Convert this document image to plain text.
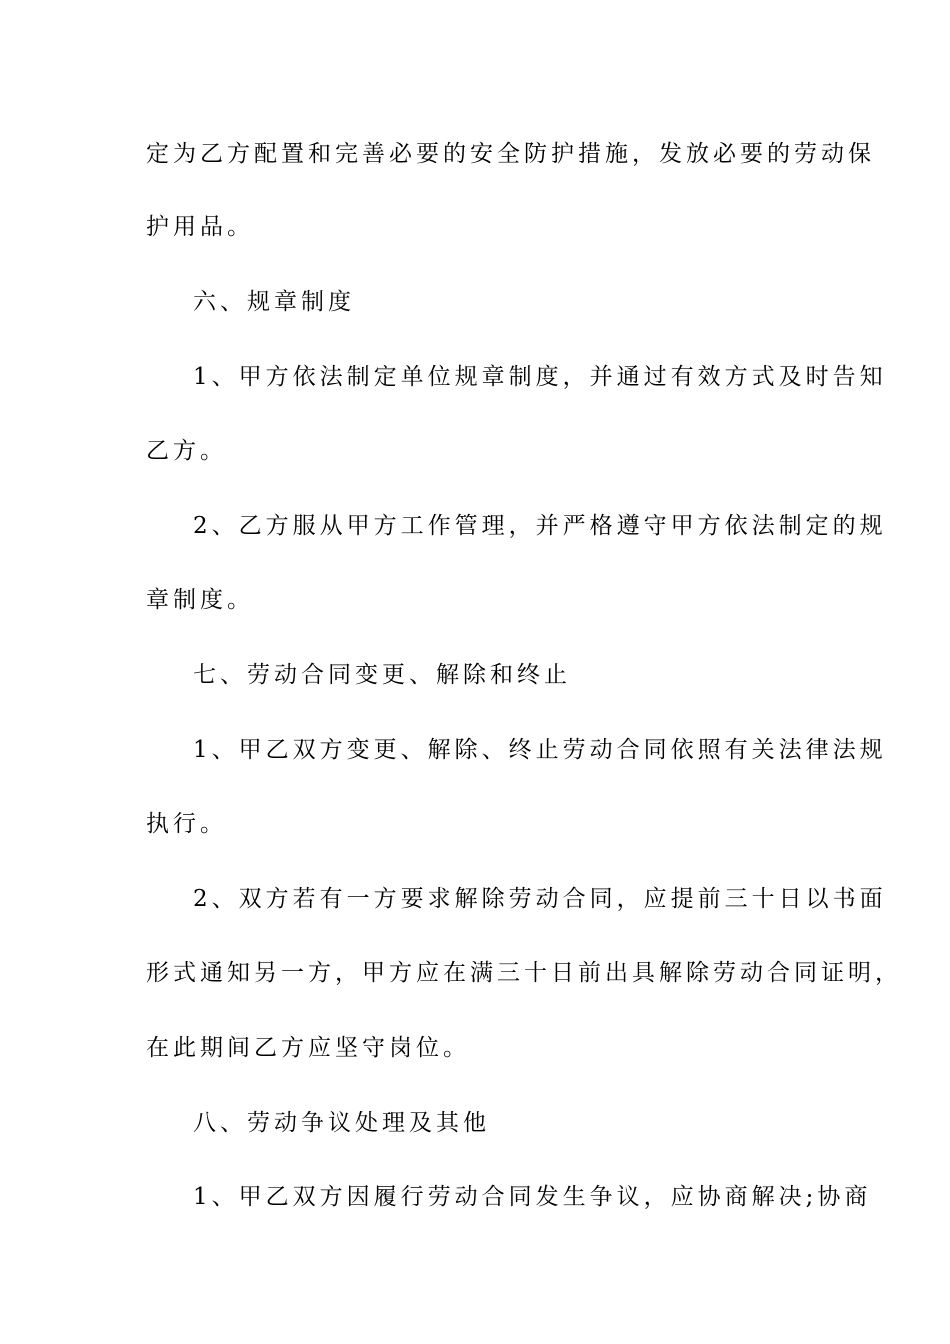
定为乙方配置和完善必要的安全防护措施，发放必要的劳动保
护用品。
六、规章制度
1、甲方依法制定单位规章制度，并通过有效方式及时告知
乙方。
2、乙方服从甲方工作管理，并严格遵守甲方依法制定的规
章制度。
七、劳动合同变更、解除和终止
1、甲乙双方变更、解除、终止劳动合同依照有关法律法规
执行。
2、双方若有一方要求解除劳动合同，应提前三十日以书面
形式通知另一方，甲方应在满三十日前出具解除劳动合同证明，
在此期间乙方应坚守岗位。
八、劳动争议处理及其他
1、甲乙双方因履行劳动合同发生争议，应协商解决;协商
